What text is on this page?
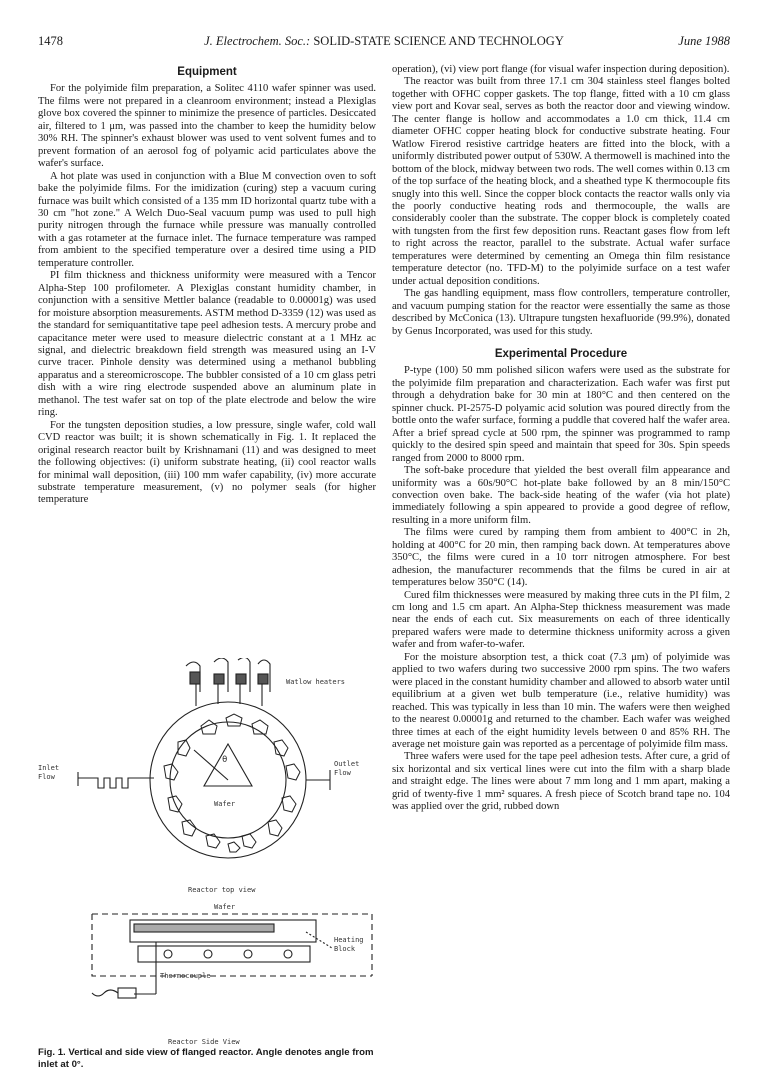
1478	J. Electrochem. Soc.: SOLID-STATE SCIENCE AND TECHNOLOGY	June 1988
Equipment

For the polyimide film preparation, a Solitec 4110 wafer spinner was used. The films were not prepared in a cleanroom environment; instead a Plexiglas glove box covered the spinner to minimize the presence of particles. Desiccated air, filtered to 1 μm, was passed into the chamber to keep the humidity below 30% RH. The spinner's exhaust blower was used to vent solvent fumes and to prevent formation of an aerosol fog of polyamic acid particulates above the wafer's surface.

A hot plate was used in conjunction with a Blue M convection oven to soft bake the polyimide films. For the imidization (curing) step a vacuum curing furnace was built which consisted of a 135 mm ID horizontal quartz tube with a 30 cm "hot zone." A Welch Duo-Seal vacuum pump was used to pull high purity nitrogen through the furnace while pressure was manually controlled with a gas rotameter at the furnace inlet. The furnace temperature was ramped from ambient to the specified temperature over a desired time using a PID temperature controller.

PI film thickness and thickness uniformity were measured with a Tencor Alpha-Step 100 profilometer. A Plexiglas constant humidity chamber, in conjunction with a sensitive Mettler balance (readable to 0.00001g) was used for moisture absorption measurements. ASTM method D-3359 (12) was used as the standard for semiquantitative tape peel adhesion tests. A mercury probe and capacitance meter were used to measure dielectric constant at a 1 MHz ac signal, and dielectric breakdown field strength was measured using an I-V curve tracer. Pinhole density was determined using a methanol bubbling apparatus and a stereomicroscope. The bubbler consisted of a 10 cm glass petri dish with a wire ring electrode suspended above an aluminum plate in methanol. The test wafer sat on top of the plate electrode and below the wire ring.

For the tungsten deposition studies, a low pressure, single wafer, cold wall CVD reactor was built; it is shown schematically in Fig. 1. It replaced the original research reactor built by Krishnamani (11) and was designed to meet the following objectives: (i) uniform substrate heating, (ii) cool reactor walls for minimal wall deposition, (iii) 100 mm wafer capability, (iv) more accurate substrate temperature measurement, (v) no polymer seals (for higher temperature

Watlow heaters
Inlet Flow
Outlet Flow
θ
Wafer
Reactor top view
Wafer
Heating Block
Thermocouple
Reactor Side View
Fig. 1. Vertical and side view of flanged reactor. Angle denotes angle from inlet at 0°.

operation), (vi) view port flange (for visual wafer inspection during deposition).

The reactor was built from three 17.1 cm 304 stainless steel flanges bolted together with OFHC copper gaskets. The top flange, fitted with a 10 cm glass view port and Kovar seal, serves as both the reactor door and viewing window. The center flange is hollow and accommodates a 1.0 cm thick, 11.4 cm diameter OFHC copper heating block for conductive substrate heating. Four Watlow Firerod resistive cartridge heaters are fitted into the block, with a uniformly distributed power output of 530W. A thermowell is machined into the bottom of the block, midway between two rods. The well comes within 0.13 cm of the top surface of the heating block, and a sheathed type K thermocouple fits snugly into this well. Since the copper block contacts the reactor walls only via the poorly conductive heating rods and thermocouple, the walls are considerably cooler than the substrate. The copper block is completely coated with tungsten from the first few deposition runs. Reactant gases flow from left to right across the reactor, parallel to the substrate. Actual wafer surface temperatures were determined by cementing an Omega thin film resistance temperature detector (no. TFD-M) to the polyimide surface on a test wafer under actual deposition conditions.

The gas handling equipment, mass flow controllers, temperature controller, and vacuum pumping station for the reactor were essentially the same as those described by McConica (13). Ultrapure tungsten hexafluoride (99.9%), donated by Genus Incorporated, was used for this study.

Experimental Procedure

P-type (100) 50 mm polished silicon wafers were used as the substrate for the polyimide film preparation and characterization. Each wafer was first put through a dehydration bake for 30 min at 180°C and then centered on the spinner chuck. PI-2575-D polyamic acid solution was poured directly from the bottle onto the wafer surface, forming a puddle that covered half the wafer area. After a brief spread cycle at 500 rpm, the spinner was programmed to ramp quickly to the desired spin speed and maintain that speed for 30s. Spin speeds ranged from 2000 to 8000 rpm.

The soft-bake procedure that yielded the best overall film appearance and uniformity was a 60s/90°C hot-plate bake followed by an 8 min/150°C convection oven bake. The back-side heating of the wafer (via hot plate) immediately following a spin appeared to provide a good degree of reflow, resulting in a more uniform film.

The films were cured by ramping them from ambient to 400°C in 2h, holding at 400°C for 20 min, then ramping back down. At temperatures above 350°C, the films were cured in a 10 torr nitrogen atmosphere. For best adhesion, the manufacturer recommends that the films be cured in air at temperatures below 350°C (14).

Cured film thicknesses were measured by making three cuts in the PI film, 2 cm long and 1.5 cm apart. An Alpha-Step thickness measurement was made near the ends of each cut. Six measurements on each of three identically prepared wafers were made to determine thickness uniformity across a given wafer and from wafer-to-wafer.

For the moisture absorption test, a thick coat (7.3 μm) of polyimide was applied to two wafers during two successive 2000 rpm spins. The two wafers were placed in the constant humidity chamber and allowed to absorb water until equilibrium at a given wet bulb temperature (i.e., relative humidity) was reached. This was typically in less than 10 min. The wafers were then weighed to the nearest 0.00001g and returned to the chamber. Each wafer was weighed three times at each of the eight humidity levels between 0 and 85% RH. The average net moisture gain was reported as a percentage of polyimide film mass.

Three wafers were used for the tape peel adhesion tests. After cure, a grid of six horizontal and six vertical lines were cut into the film with a sharp blade and straight edge. The lines were about 7 mm long and 1 mm apart, making a grid of twenty-five 1 mm² squares. A fresh piece of Scotch brand tape no. 104 was applied over the grid, rubbed down
